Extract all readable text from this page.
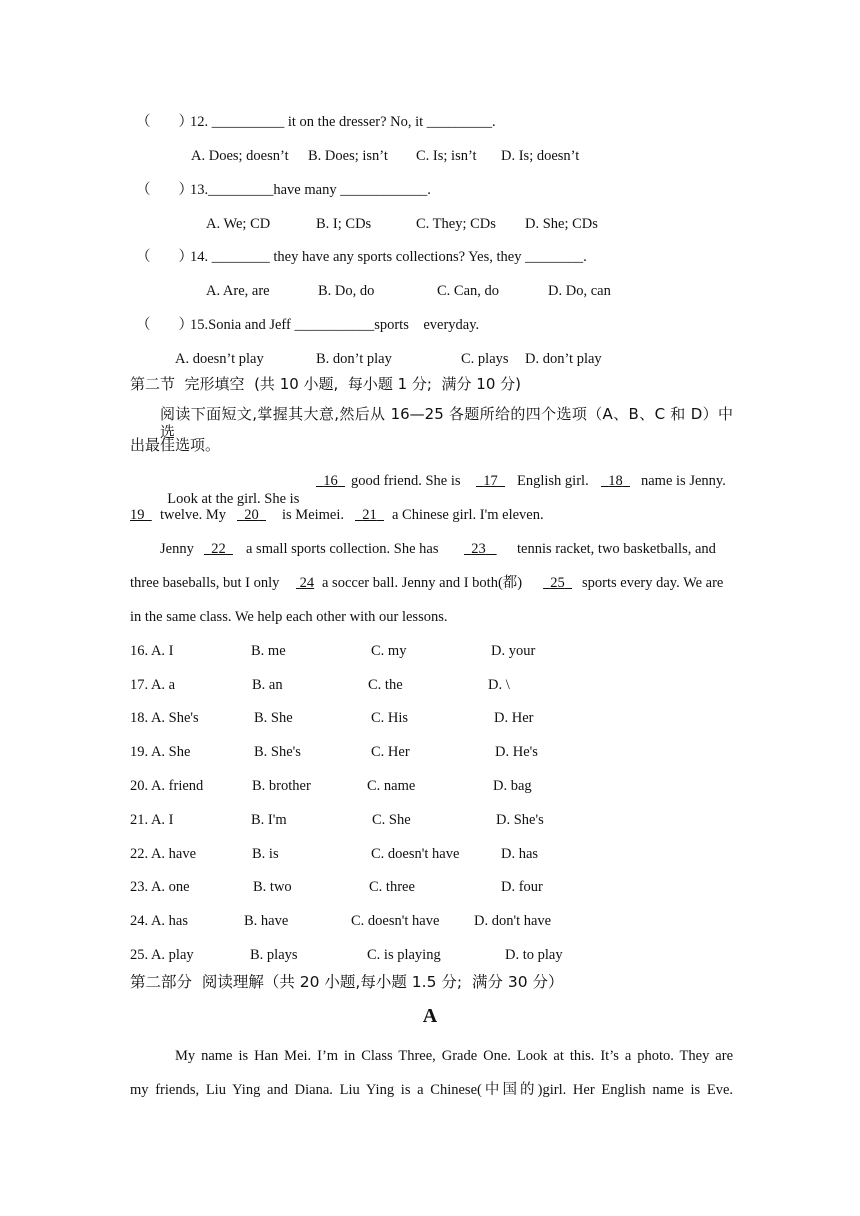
（ ）
12. __________ it on the dresser? No, it _________.
A. Does; doesn’t B. Does; isn’t C. Is; isn’t D. Is; doesn’t
（ ）
13._________have many ____________.
A. We; CD	B. I; CDs	C. They; CDs D. She; CDs
（ ）
14. ________ they have any sports collections? Yes, they ________.
A. Are, are	B. Do, do	C. Can, do	D. Do, can
（ ）
15.Sonia and Jeff ___________sports    everyday.
A. doesn’t play	B. don’t play	C. plays D. don’t play
第二节  完形填空  (共 10 小题,  每小题 1 分;  满分 10 分)
阅读下面短文,掌握其大意,然后从 16—25 各题所给的四个选项（A、B、C 和 D）中选
出最佳选项。

Look at the girl. She is

16 good friend. She is	17	English girl.	18	name is Jenny.
19	twelve. My	20	is Meimei.	21	a Chinese girl. I'm eleven.
Jenny	22	a small sports collection. She has	23	tennis racket, two basketballs, and
three baseballs, but I only 24 a soccer ball. Jenny and I both(都)	25	sports every day. We are
in the same class. We help each other with our lessons.
16. A. I	B. me	C. my	D. your
17. A. a	B. an	C. the	D. \
18. A. She's	B. She	C. His	D. Her
19. A. She	B. She's	C. Her	D. He's
20. A. friend	B. brother	C. name	D. bag
21. A. I	B. I'm	C. She	D. She's
22. A. have	B. is	C. doesn't have	D. has
23. A. one	B. two	C. three	D. four
24. A. has	B. have	C. doesn't have D. don't have
25. A. play	B. plays	C. is playing	D. to play
第二部分  阅读理解（共 20 小题,每小题 1.5 分;  满分 30 分）
A
My name is Han Mei. I’m in Class Three, Grade One. Look at this. It’s a photo. They are
my friends, Liu Ying and Diana. Liu Ying is a Chinese(中国的)girl. Her English name is Eve.
